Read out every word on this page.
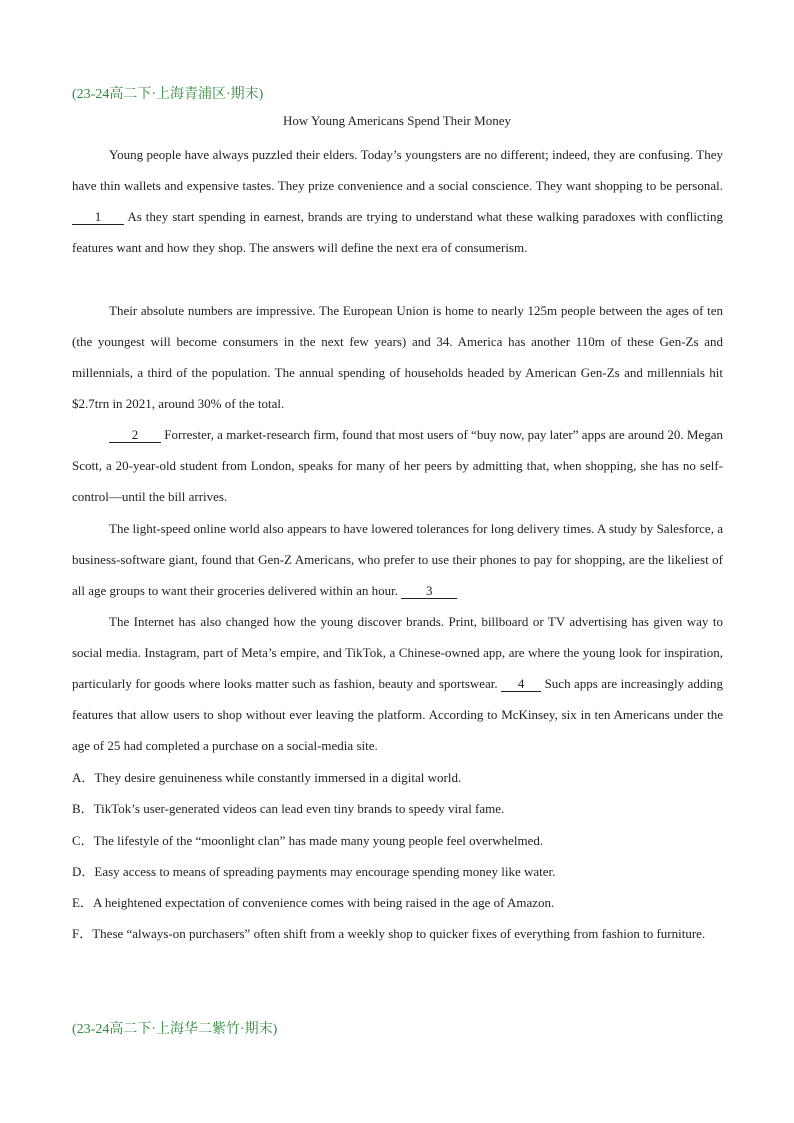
(23-24高二下·上海青浦区·期末)
How Young Americans Spend Their Money

Young people have always puzzled their elders. Today’s youngsters are no different; indeed, they are confusing. They have thin wallets and expensive tastes. They prize convenience and a social conscience. They want shopping to be personal. 1 As they start spending in earnest, brands are trying to understand what these walking paradoxes with conflicting features want and how they shop. The answers will define the next era of consumerism.

Their absolute numbers are impressive. The European Union is home to nearly 125m people between the ages of ten (the youngest will become consumers in the next few years) and 34. America has another 110m of these Gen-Zs and millennials, a third of the population. The annual spending of households headed by American Gen-Zs and millennials hit $2.7trn in 2021, around 30% of the total.

2 Forrester, a market-research firm, found that most users of “buy now, pay later” apps are around 20. Megan Scott, a 20-year-old student from London, speaks for many of her peers by admitting that, when shopping, she has no self-control—until the bill arrives.

The light-speed online world also appears to have lowered tolerances for long delivery times. A study by Salesforce, a business-software giant, found that Gen-Z Americans, who prefer to use their phones to pay for shopping, are the likeliest of all age groups to want their groceries delivered within an hour. 3

The Internet has also changed how the young discover brands. Print, billboard or TV advertising has given way to social media. Instagram, part of Meta’s empire, and TikTok, a Chinese-owned app, are where the young look for inspiration, particularly for goods where looks matter such as fashion, beauty and sportswear. 4 Such apps are increasingly adding features that allow users to shop without ever leaving the platform. According to McKinsey, six in ten Americans under the age of 25 had completed a purchase on a social-media site.

A．They desire genuineness while constantly immersed in a digital world.
B．TikTok’s user-generated videos can lead even tiny brands to speedy viral fame.
C．The lifestyle of the “moonlight clan” has made many young people feel overwhelmed.
D．Easy access to means of spreading payments may encourage spending money like water.
E．A heightened expectation of convenience comes with being raised in the age of Amazon.
F．These “always-on purchasers” often shift from a weekly shop to quicker fixes of everything from fashion to furniture.
(23-24高二下·上海华二紫竹·期末)
